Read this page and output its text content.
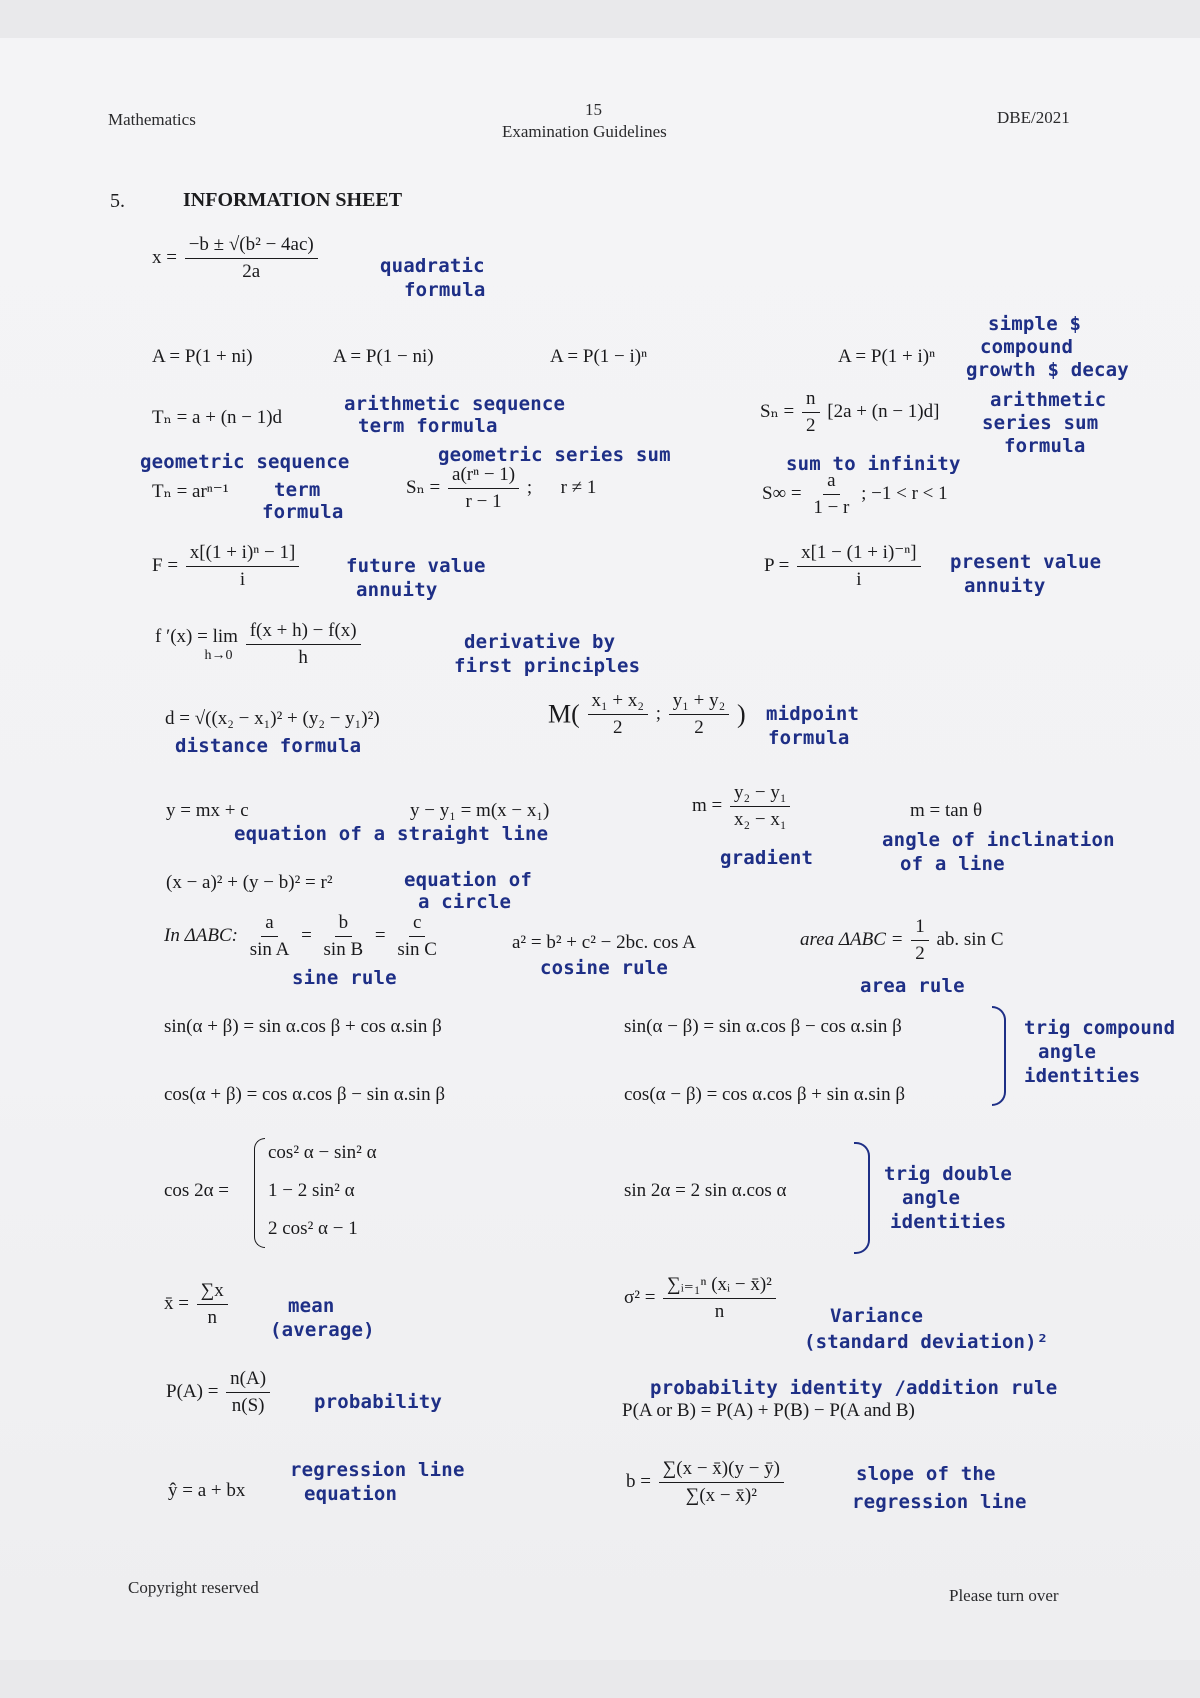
Mathematics
15
Examination Guidelines
DBE/2021
5.	INFORMATION SHEET
$x = \frac{\text{−b ± √(b² − 4ac)}}{2a}$	quadratic
formula
A = P(1 + ni)	A = P(1 − ni)	A = P(1 − i)ⁿ	A = P(1 + i)ⁿ
simple $
compound
growth $ decay
Tₙ = a + (n − 1)d
arithmetic sequence
term formula
$S_n = \frac{n}{2} [2a + (n - 1)d]$
arithmetic
series sum
formula
geometric sequence
Tₙ = arⁿ⁻¹ term
formula
geometric series sum
$S_n = \frac{\text{a(rⁿ − 1)}}{r - 1}$ ;      r ≠ 1
sum to infinity
$S\infty = \frac{a}{1 - r}$ ; −1 < r < 1
$F = \frac{\text{x[(1 + i)ⁿ − 1]}}{i}$ future value
annuity
$P = \frac{\text{x[1 − (1 + i)⁻ⁿ]}}{i}$ present value
annuity
f ′(x) = lim
h→0
$\frac{f(x + h) - f(x)}{h}$	derivative by
first principles
d = √((x₂ − x₁)² + (y₂ − y₁)²)
distance formula
$M( \frac{\text{x₁ + x₂}}{2}$ ; $\frac{\text{y₁ + y₂}}{2}$ ) midpoint
formula
y = mx + c	y − y₁ = m(x − x₁)
equation of a straight line
$m = \frac{\text{y₂ − y₁}}{\text{x₂ − x₁}}$
gradient
m = tan θ
angle of inclination
of a line
(x − a)² + (y − b)² = r²	equation of
a circle
In ΔABC: $\frac{a}{\text{sin A}} = \frac{b}{\text{sin B}} = \frac{c}{\text{sin C}}$
sine rule
a² = b² + c² − 2bc. cos A
cosine rule
area $\Delta ABC = \frac{1}{2}$ ab. sin C
area rule
sin(α + β) = sin α.cos β + cos α.sin β	sin(α − β) = sin α.cos β − cos α.sin β
cos(α + β) = cos α.cos β − sin α.sin β	cos(α − β) = cos α.cos β + sin α.sin β
trig compound
angle
identities
cos 2α =
cos² α − sin² α
1 − 2 sin² α
2 cos² α − 1
sin 2α = 2 sin α.cos α
trig double
angle
identities
x̄ = $\frac{\sum x}{n}$	mean
(average)
$\sigma^2 = \frac{\text{∑ᵢ₌₁ⁿ (xᵢ − x̄)²}}{n}$	Variance
(standard deviation)²
$P(A) = \frac{n(A)}{n(S)}$ probability
probability identity /addition rule
P(A or B) = P(A) + P(B) − P(A and B)
ŷ = a + bx
regression line
equation
$b = \frac{\sum(x - x̄)(y - ȳ)}{\text{∑(x − x̄)²}}$	slope of the
regression line
Copyright reserved	Please turn over
